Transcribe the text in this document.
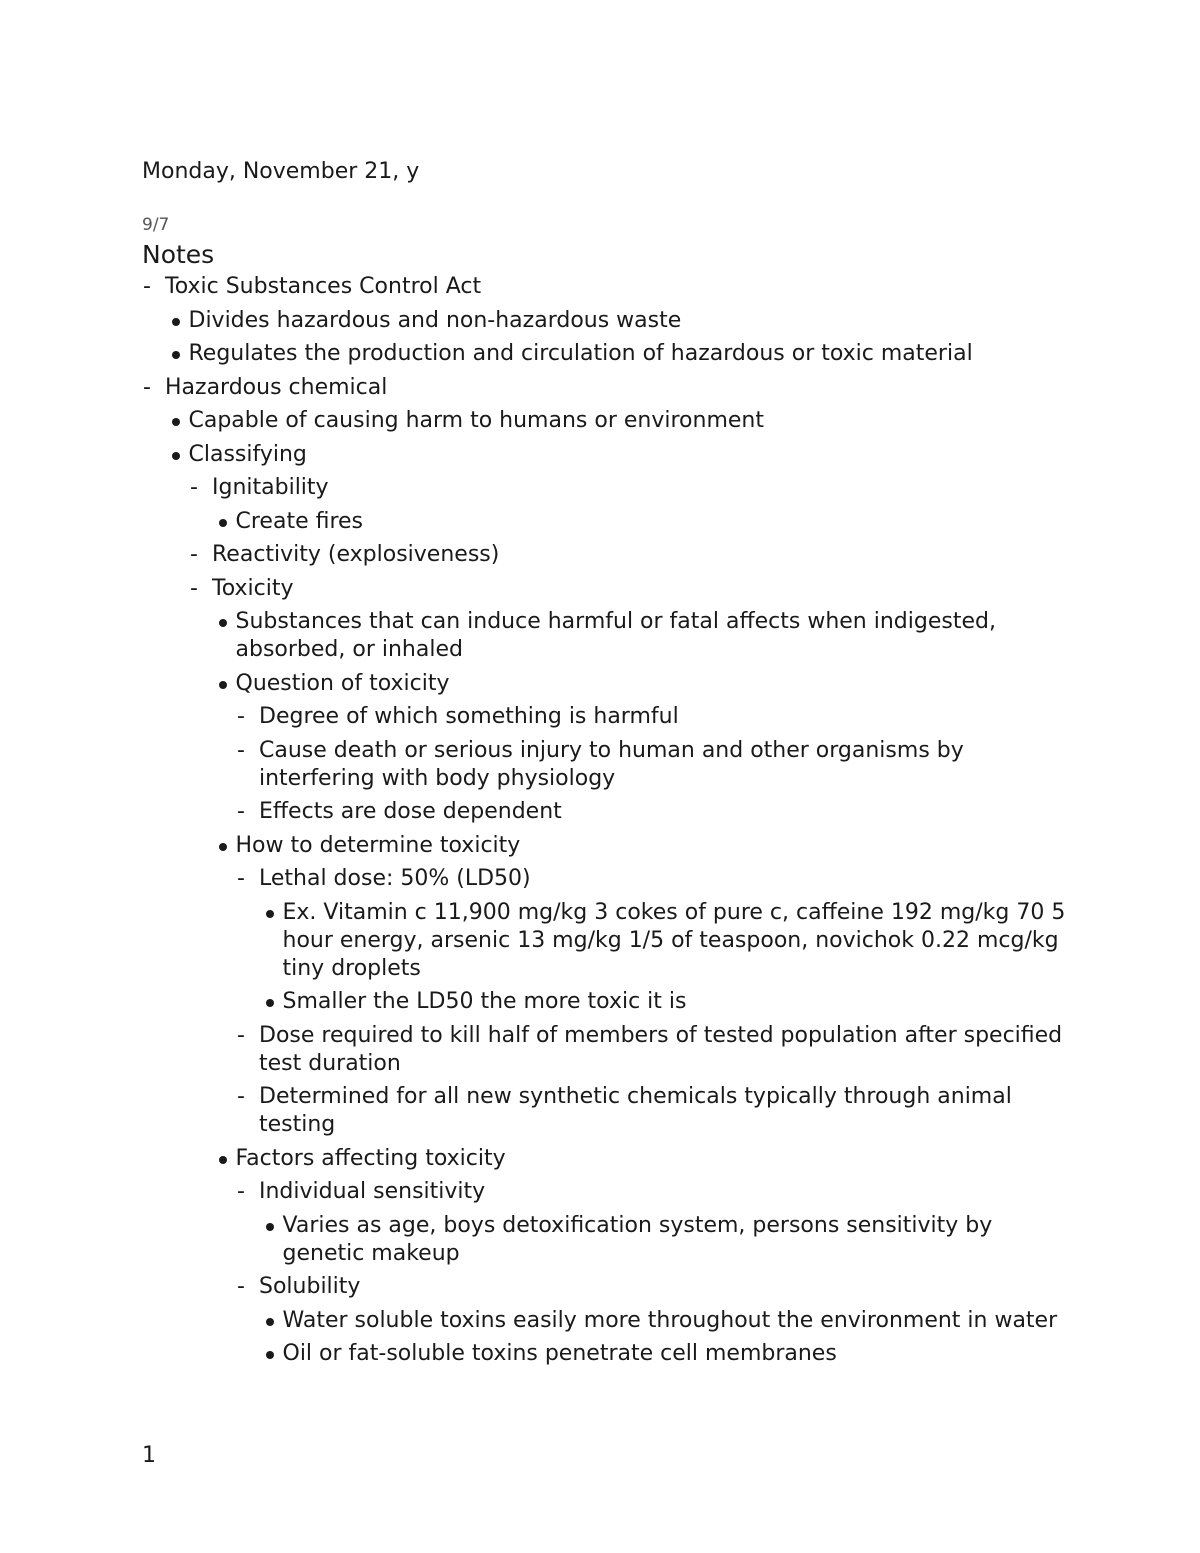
Monday, November 21, y
9/7
Notes
-
Toxic Substances Control Act
Divides hazardous and non-hazardous waste
Regulates the production and circulation of hazardous or toxic material
-
Hazardous chemical
Capable of causing harm to humans or environment
Classifying
-
Ignitability
Create fires
-
Reactivity (explosiveness)
-
Toxicity
Substances that can induce harmful or fatal affects when indigested, absorbed, or inhaled
Question of toxicity
-
Degree of which something is harmful
-
Cause death or serious injury to human and other organisms by interfering with body physiology
-
Effects are dose dependent
How to determine toxicity
-
Lethal dose: 50% (LD50)
Ex. Vitamin c 11,900 mg/kg 3 cokes of pure c, caffeine 192 mg/kg 70 5 hour energy, arsenic 13 mg/kg 1/5 of teaspoon, novichok 0.22 mcg/kg tiny droplets
Smaller the LD50 the more toxic it is
-
Dose required to kill half of members of tested population after specified test duration
-
Determined for all new synthetic chemicals typically through animal testing
Factors affecting toxicity
-
Individual sensitivity
Varies as age, boys detoxification system, persons sensitivity by genetic makeup
-
Solubility
Water soluble toxins easily more throughout the environment in water
Oil or fat-soluble toxins penetrate cell membranes
1
